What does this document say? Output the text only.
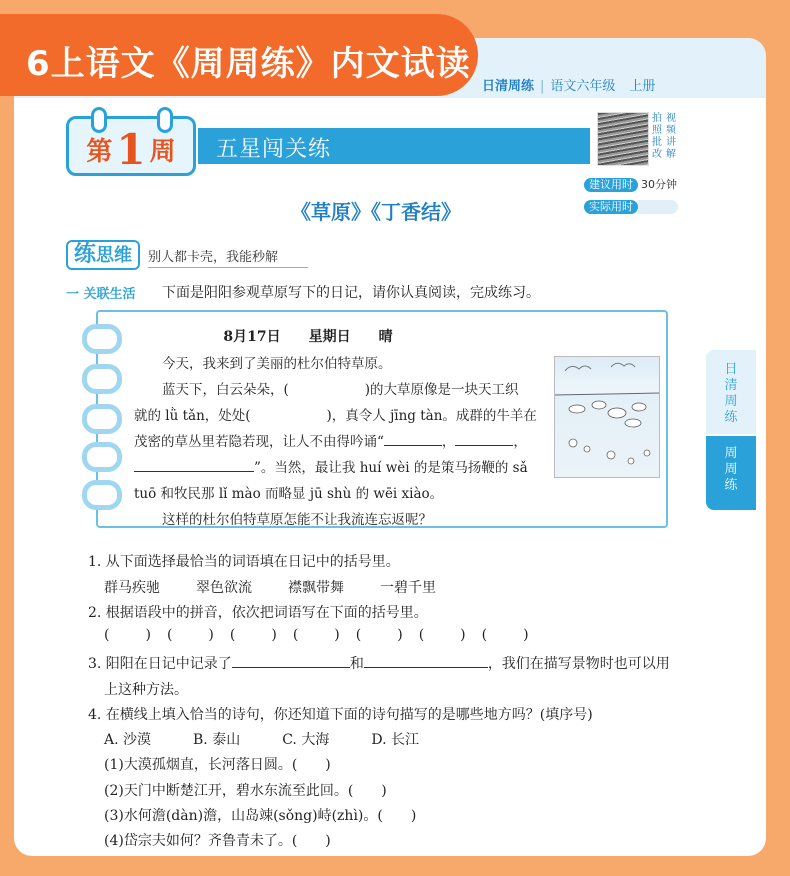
6上语文《周周练》内文试读
日清周练 | 语文六年级 上册
第1 周	五星闯关练
拍照批改视频讲解
建议用时 30分钟
实际用时
《草原》《丁香结》
练思维 别人都卡壳，我能秒解
一 关联生活 下面是阳阳参观草原写下的日记，请你认真阅读，完成练习。
8月17日　　星期日　　晴
今天，我来到了美丽的杜尔伯特草原。
蓝天下，白云朵朵，(	)的大草原像是一块天工织
就的 lǜ tǎn，处处(	)，真令人 jīng tàn。成群的牛羊在
茂密的草丛里若隐若现，让人不由得吟诵“	，	，
”。当然，最让我 huí wèi 的是策马扬鞭的 sǎ
tuō 和牧民那 lǐ mào 而略显 jū shù 的 wēi xiào。
这样的杜尔伯特草原怎能不让我流连忘返呢？
日清周练
周周练
1. 从下面选择最恰当的词语填在日记中的括号里。
群马疾驰	翠色欲流	襟飘带舞	一碧千里
2. 根据语段中的拼音，依次把词语写在下面的括号里。
(	) (	) (	) (	) (	) (	) (	)
3. 阳阳在日记中记录了	和	，我们在描写景物时也可以用
上这种方法。
4. 在横线上填入恰当的诗句，你还知道下面的诗句描写的是哪些地方吗？(填序号)
A. 沙漠	B. 泰山	C. 大海	D. 长江
(1)大漠孤烟直，长河落日圆。(　　)
(2)天门中断楚江开，碧水东流至此回。(　　)
(3)水何澹(dàn)澹，山岛竦(sǒng)峙(zhì)。(　　)
(4)岱宗夫如何？齐鲁青未了。(　　)
